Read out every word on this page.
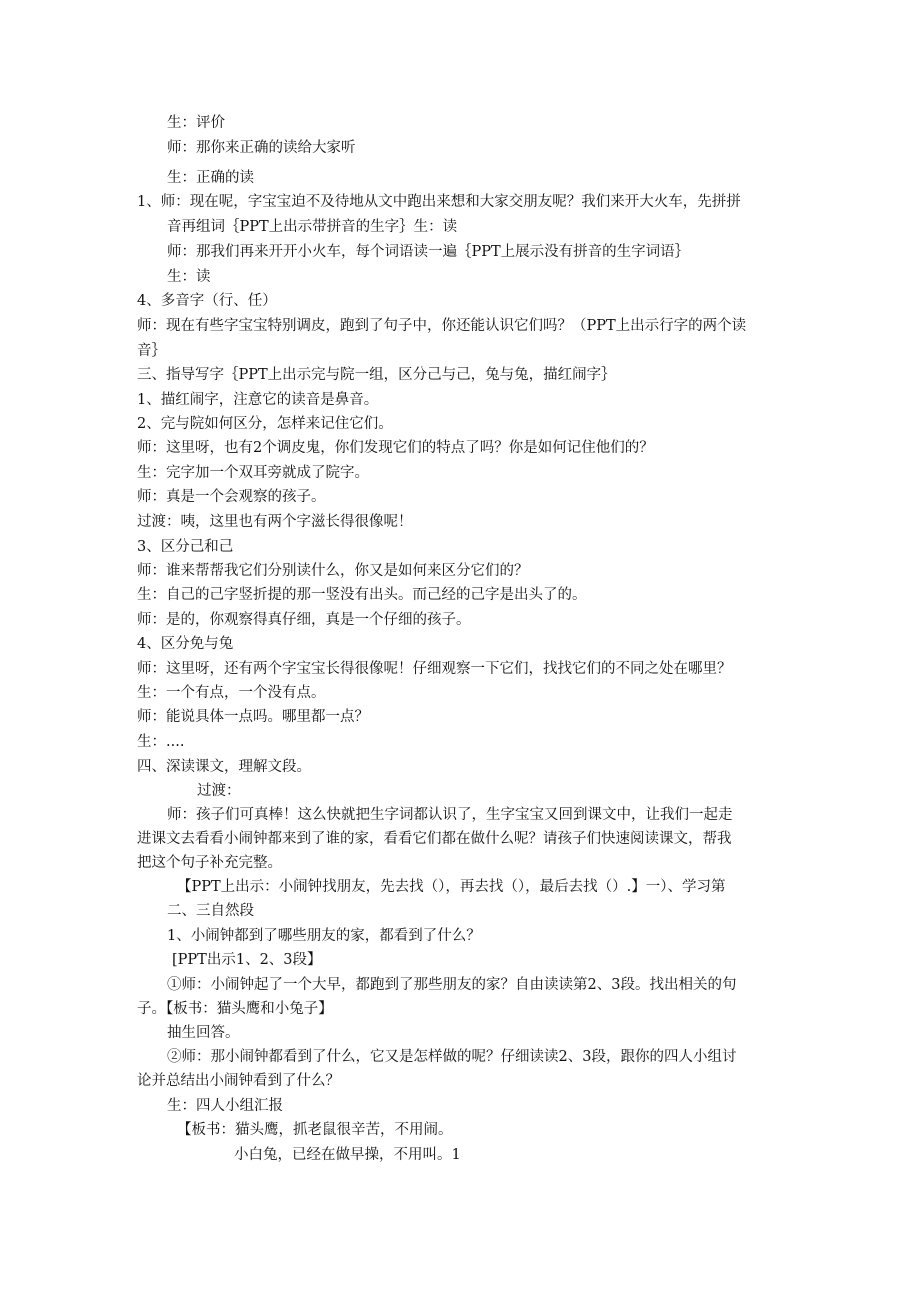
生：评价
师：那你来正确的读给大家听
生：正确的读
1、师：现在呢，字宝宝迫不及待地从文中跑出来想和大家交朋友呢？我们来开大火车，先拼拼
音再组词｛PPT上出示带拼音的生字｝生：读
师：那我们再来开开小火车，每个词语读一遍｛PPT上展示没有拼音的生字词语｝
生：读
4、多音字（行、任）
师：现在有些字宝宝特别调皮，跑到了句子中，你还能认识它们吗？（PPT上出示行字的两个读
音｝
三、指导写字｛PPT上出示完与院一组，区分己与己，兔与兔，描红闹字｝
1、描红闹字，注意它的读音是鼻音。
2、完与院如何区分，怎样来记住它们。
师：这里呀，也有2个调皮鬼，你们发现它们的特点了吗？你是如何记住他们的？
生：完字加一个双耳旁就成了院字。
师：真是一个会观察的孩子。
过渡：咦，这里也有两个字滋长得很像呢！
3、区分己和己
师：谁来帮帮我它们分别读什么，你又是如何来区分它们的？
生：自己的己字竖折提的那一竖没有出头。而己经的己字是出头了的。
师：是的，你观察得真仔细，真是一个仔细的孩子。
4、区分免与兔
师：这里呀，还有两个字宝宝长得很像呢！仔细观察一下它们，找找它们的不同之处在哪里？
生：一个有点，一个没有点。
师：能说具体一点吗。哪里都一点？
生：....
四、深读课文，理解文段。
过渡：
师：孩子们可真棒！这么快就把生字词都认识了，生字宝宝又回到课文中，让我们一起走
进课文去看看小闹钟都来到了谁的家，看看它们都在做什么呢？请孩子们快速阅读课文，帮我
把这个句子补充完整。
【PPT上出示：小闹钟找朋友，先去找（），再去找（），最后去找（）.】一）、学习第
二、三自然段
1、小闹钟都到了哪些朋友的家，都看到了什么？
[PPT出示1、2、3段】
①师：小闹钟起了一个大早，都跑到了那些朋友的家？自由读读第2、3段。找出相关的句
子。【板书：猫头鹰和小兔子】
抽生回答。
②师：那小闹钟都看到了什么，它又是怎样做的呢？仔细读读2、3段，跟你的四人小组讨
论并总结出小闹钟看到了什么？
生：四人小组汇报
【板书：猫头鹰，抓老鼠很辛苦，不用闹。
小白兔，已经在做早操，不用叫。1
